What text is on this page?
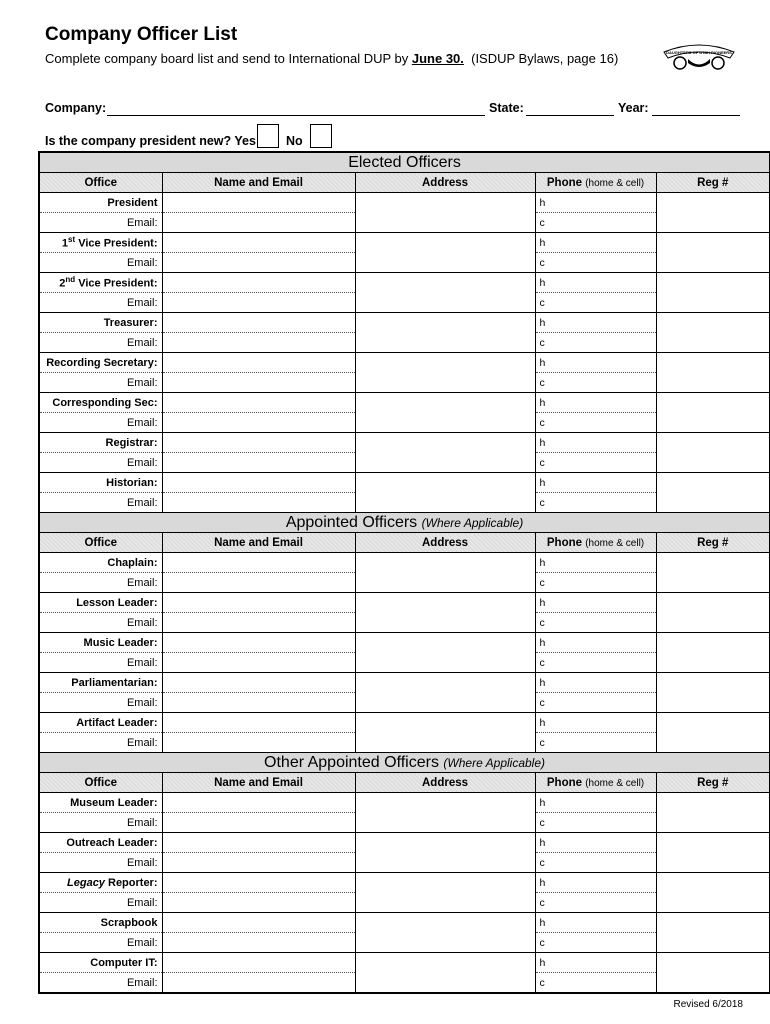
Company Officer List
Complete company board list and send to International DUP by June 30.  (ISDUP Bylaws, page 16)	DAUGHTERS OF UTAH PIONEERS
Company:	State:	Year:
Is the company president new? Yes No
Elected Officers				
Office	Name and Email	Address	Phone (home & cell)	Reg #
President			h	
Email:			c	
1st Vice President:			h	
Email:			c	
2nd Vice President:			h	
Email:			c	
Treasurer:			h	
Email:			c	
Recording Secretary:			h	
Email:			c	
Corresponding Sec:			h	
Email:			c	
Registrar:			h	
Email:			c	
Historian:			h	
Email:			c	
Appointed Officers (Where Applicable)				
Office	Name and Email	Address	Phone (home & cell)	Reg #
Chaplain:			h	
Email:			c	
Lesson Leader:			h	
Email:			c	
Music Leader:			h	
Email:			c	
Parliamentarian:			h	
Email:			c	
Artifact Leader:			h	
Email:			c	
Other Appointed Officers (Where Applicable)				
Office	Name and Email	Address	Phone (home & cell)	Reg #
Museum Leader:			h	
Email:			c	
Outreach Leader:			h	
Email:			c	
Legacy Reporter:			h	
Email:			c	
Scrapbook			h	
Email:			c	
Computer IT:			h	
Email:			c	
Revised 6/2018
